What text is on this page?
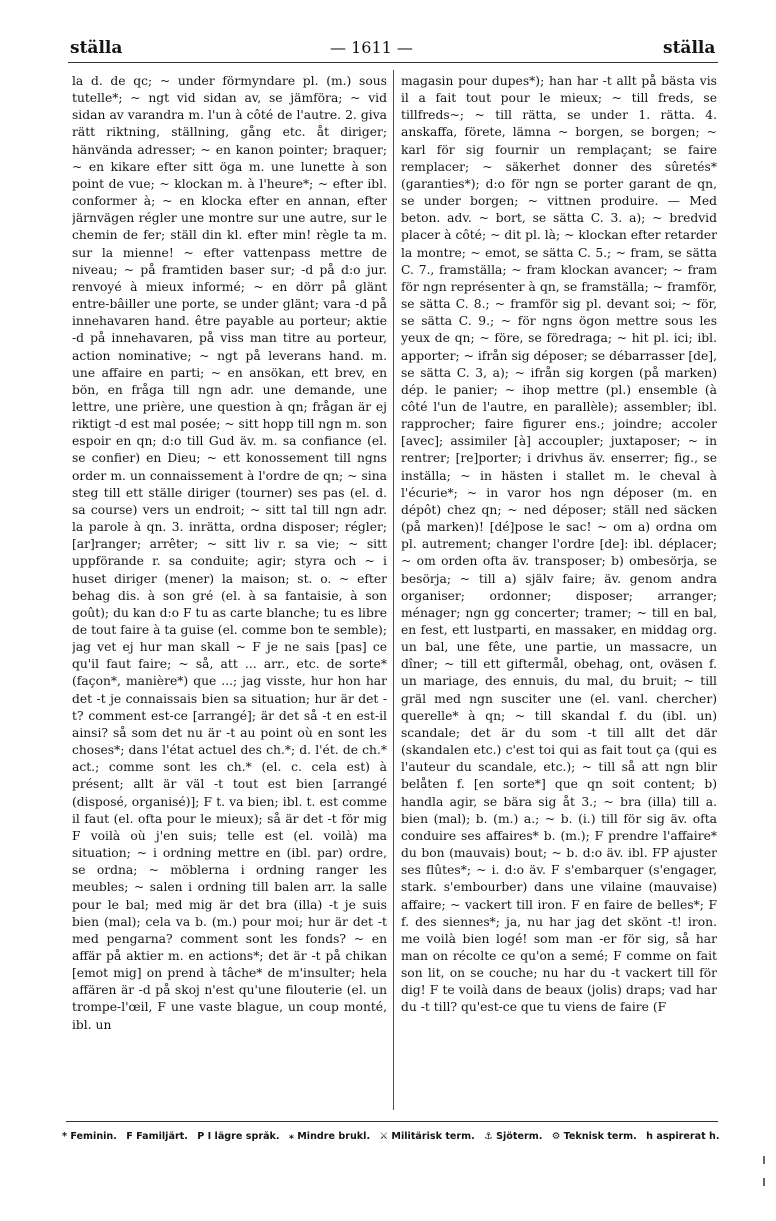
ställa	— 1611 —	ställa

la d. de qc; ~ under förmyndare pl. (m.) sous tutelle*; ~ ngt vid sidan av, se jämföra; ~ vid sidan av varandra m. l'un à côté de l'autre. 2. giva rätt riktning, ställning, gång etc. åt diriger; hänvända adresser; ~ en kanon pointer; braquer; ~ en kikare efter sitt öga m. une lunette à son point de vue; ~ klockan m. à l'heure*; ~ efter ibl. conformer à; ~ en klocka efter en annan, efter järnvägen régler une montre sur une autre, sur le chemin de fer; ställ din kl. efter min! règle ta m. sur la mienne! ~ efter vattenpass mettre de niveau; ~ på framtiden baser sur; -d på d:o jur. renvoyé à mieux informé; ~ en dörr på glänt entre-bâiller une porte, se under glänt; vara -d på innehavaren hand. être payable au porteur; aktie -d på innehavaren, på viss man titre au porteur, action nominative; ~ ngt på leverans hand. m. une affaire en parti; ~ en ansökan, ett brev, en bön, en fråga till ngn adr. une demande, une lettre, une prière, une question à qn; frågan är ej riktigt -d est mal posée; ~ sitt hopp till ngn m. son espoir en qn; d:o till Gud äv. m. sa confiance (el. se confier) en Dieu; ~ ett konossement till ngns order m. un connaissement à l'ordre de qn; ~ sina steg till ett ställe diriger (tourner) ses pas (el. d. sa course) vers un endroit; ~ sitt tal till ngn adr. la parole à qn. 3. inrätta, ordna disposer; régler; [ar]ranger; arrêter; ~ sitt liv r. sa vie; ~ sitt uppförande r. sa conduite; agir; styra och ~ i huset diriger (mener) la maison; st. o. ~ efter behag dis. à son gré (el. à sa fantaisie, à son goût); du kan d:o F tu as carte blanche; tu es libre de tout faire à ta guise (el. comme bon te semble); jag vet ej hur man skall ~ F je ne sais [pas] ce qu'il faut faire; ~ så, att ... arr., etc. de sorte* (façon*, manière*) que ...; jag visste, hur hon har det -t je connaissais bien sa situation; hur är det -t? comment est-ce [arrangé]; är det så -t en est-il ainsi? så som det nu är -t au point où en sont les choses*; dans l'état actuel des ch.*; d. l'ét. de ch.* act.; comme sont les ch.* (el. c. cela est) à présent; allt är väl -t tout est bien [arrangé (disposé, organisé)]; F t. va bien; ibl. t. est comme il faut (el. ofta pour le mieux); så är det -t för mig F voilà où j'en suis; telle est (el. voilà) ma situation; ~ i ordning mettre en (ibl. par) ordre, se ordna; ~ möblerna i ordning ranger les meubles; ~ salen i ordning till balen arr. la salle pour le bal; med mig är det bra (illa) -t je suis bien (mal); cela va b. (m.) pour moi; hur är det -t med pengarna? comment sont les fonds? ~ en affär på aktier m. en actions*; det är -t på chikan [emot mig] on prend à tâche* de m'insulter; hela affären är -d på skoj n'est qu'une filouterie (el. un trompe-l'œil, F une vaste blague, un coup monté, ibl. un

magasin pour dupes*); han har -t allt på bästa vis il a fait tout pour le mieux; ~ till freds, se tillfreds~; ~ till rätta, se under 1. rätta. 4. anskaffa, förete, lämna ~ borgen, se borgen; ~ karl för sig fournir un remplaçant; se faire remplacer; ~ säkerhet donner des sûretés* (garanties*); d:o för ngn se porter garant de qn, se under borgen; ~ vittnen produire. — Med beton. adv. ~ bort, se sätta C. 3. a); ~ bredvid placer à côté; ~ dit pl. là; ~ klockan efter retarder la montre; ~ emot, se sätta C. 5.; ~ fram, se sätta C. 7., framställa; ~ fram klockan avancer; ~ fram för ngn représenter à qn, se framställa; ~ framför, se sätta C. 8.; ~ framför sig pl. devant soi; ~ för, se sätta C. 9.; ~ för ngns ögon mettre sous les yeux de qn; ~ före, se föredraga; ~ hit pl. ici; ibl. apporter; ~ ifrån sig déposer; se débarrasser [de], se sätta C. 3, a); ~ ifrån sig korgen (på marken) dép. le panier; ~ ihop mettre (pl.) ensemble (à côté l'un de l'autre, en parallèle); assembler; ibl. rapprocher; faire figurer ens.; joindre; accoler [avec]; assimiler [à] accoupler; juxtaposer; ~ in rentrer; [re]porter; i drivhus äv. enserrer; fig., se inställa; ~ in hästen i stallet m. le cheval à l'écurie*; ~ in varor hos ngn déposer (m. en dépôt) chez qn; ~ ned déposer; ställ ned säcken (på marken)! [dé]pose le sac! ~ om a) ordna om pl. autrement; changer l'ordre [de]: ibl. déplacer; ~ om orden ofta äv. transposer; b) ombesörja, se besörja; ~ till a) själv faire; äv. genom andra organiser; ordonner; disposer; arranger; ménager; ngn gg concerter; tramer; ~ till en bal, en fest, ett lustparti, en massaker, en middag org. un bal, une fête, une partie, un massacre, un dîner; ~ till ett giftermål, obehag, ont, oväsen f. un mariage, des ennuis, du mal, du bruit; ~ till gräl med ngn susciter une (el. vanl. chercher) querelle* à qn; ~ till skandal f. du (ibl. un) scandale; det är du som -t till allt det där (skandalen etc.) c'est toi qui as fait tout ça (qui es l'auteur du scandale, etc.); ~ till så att ngn blir belåten f. [en sorte*] que qn soit content; b) handla agir, se bära sig åt 3.; ~ bra (illa) till a. bien (mal); b. (m.) a.; ~ b. (i.) till för sig äv. ofta conduire ses affaires* b. (m.); F prendre l'affaire* du bon (mauvais) bout; ~ b. d:o äv. ibl. FP ajuster ses flûtes*; ~ i. d:o äv. F s'embarquer (s'engager, stark. s'embourber) dans une vilaine (mauvaise) affaire; ~ vackert till iron. F en faire de belles*; F f. des siennes*; ja, nu har jag det skönt -t! iron. me voilà bien logé! som man -er för sig, så har man on récolte ce qu'on a semé; F comme on fait son lit, on se couche; nu har du -t vackert till för dig! F te voilà dans de beaux (jolis) draps; vad har du -t till? qu'est-ce que tu viens de faire (F

* Feminin. F Familjärt. P I lägre språk. ⁎ Mindre brukl. ⚔ Militärisk term. ⚓ Sjöterm. ⚙ Teknisk term. h aspirerat h.
